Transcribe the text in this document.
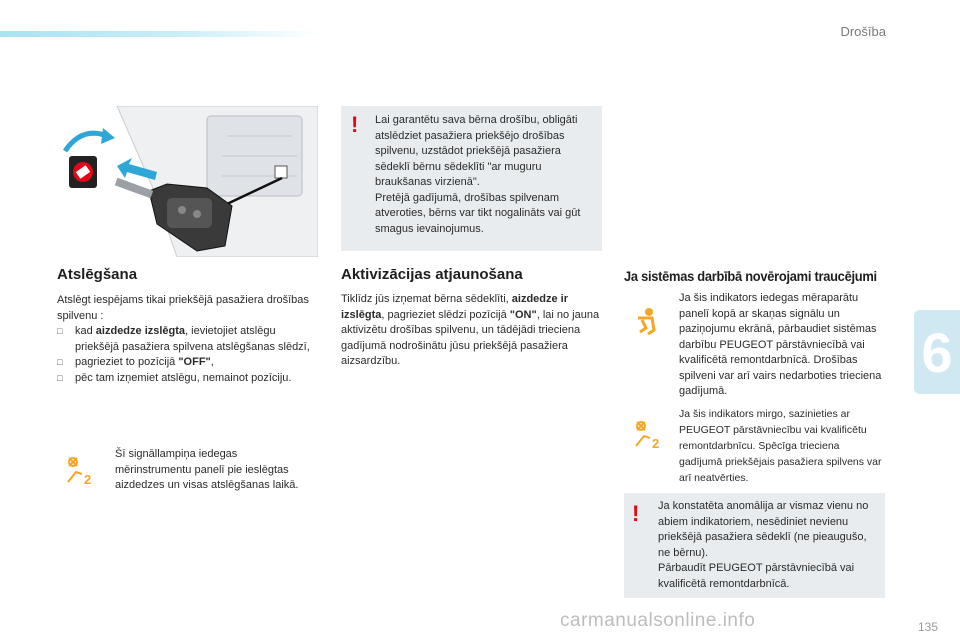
Drošība
6
! Lai garantētu sava bērna drošību, obligāti atslēdziet pasažiera priekšējo drošības spilvenu, uzstādot priekšējā pasažiera sēdeklī bērnu sēdeklīti "ar muguru braukšanas virzienā".
Pretējā gadījumā, drošības spilvenam atveroties, bērns var tikt nogalināts vai gūt smagus ievainojumus.
Atslēgšana
Atslēgt iespējams tikai priekšējā pasažiera drošības spilvenu :
□ kad aizdedze izslēgta, ievietojiet atslēgu priekšējā pasažiera spilvena atslēgšanas slēdzī,
□ pagrieziet to pozīcijā "OFF",
□ pēc tam izņemiet atslēgu, nemainot pozīciju.
2
Šī signāllampiņa iedegas mērinstrumentu panelī pie ieslēgtas aizdedzes un visas atslēgšanas laikā.
Aktivizācijas atjaunošana
Tiklīdz jūs izņemat bērna sēdeklīti, aizdedze ir izslēgta, pagrieziet slēdzi pozīcijā "ON", lai no jauna aktivizētu drošības spilvenu, un tādējādi trieciena gadījumā nodrošinātu jūsu priekšējā pasažiera aizsardzību.
Ja sistēmas darbībā novērojami traucējumi
Ja šis indikators iedegas mēraparātu panelī kopā ar skaņas signālu un paziņojumu ekrānā, pārbaudiet sistēmas darbību PEUGEOT pārstāvniecībā vai kvalificētā remontdarbnīcā. Drošības spilveni var arī vairs nedarboties trieciena gadījumā.
2
Ja šis indikators mirgo, sazinieties ar PEUGEOT pārstāvniecību vai kvalificētu remontdarbnīcu. Spēcīga trieciena gadījumā priekšējais pasažiera spilvens var arī neatvērties.
! Ja konstatēta anomālija ar vismaz vienu no abiem indikatoriem, nesēdiniet nevienu priekšējā pasažiera sēdeklī (ne pieaugušo, ne bērnu).
Pārbaudīt PEUGEOT pārstāvniecībā vai kvalificētā remontdarbnīcā.
carmanualsonline.info	135
